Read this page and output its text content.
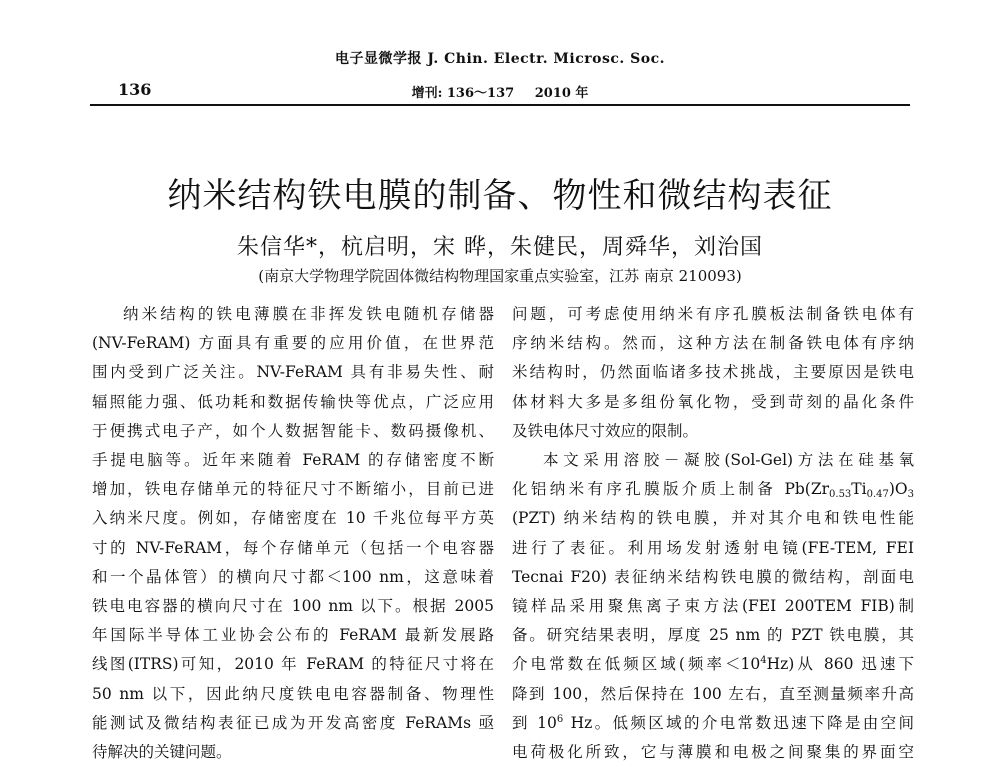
电子显微学报 J. Chin. Electr. Microsc. Soc.
136	增刊: 136～137 2010 年
纳米结构铁电膜的制备、物性和微结构表征
朱信华*，杭启明，宋 晔，朱健民，周舜华，刘治国
(南京大学物理学院固体微结构物理国家重点实验室，江苏 南京 210093)
纳米结构的铁电薄膜在非挥发铁电随机存储器
(NV-FeRAM) 方面具有重要的应用价值，在世界范
围内受到广泛关注。NV-FeRAM 具有非易失性、耐
辐照能力强、低功耗和数据传输快等优点，广泛应用
于便携式电子产，如个人数据智能卡、数码摄像机、
手提电脑等。近年来随着 FeRAM 的存储密度不断
增加，铁电存储单元的特征尺寸不断缩小，目前已进
入纳米尺度。例如，存储密度在 10 千兆位每平方英
寸的 NV-FeRAM，每个存储单元（包括一个电容器
和一个晶体管）的横向尺寸都＜100 nm，这意味着
铁电电容器的横向尺寸在 100 nm 以下。根据 2005
年国际半导体工业协会公布的 FeRAM 最新发展路
线图(ITRS)可知，2010 年 FeRAM 的特征尺寸将在
50 nm 以下，因此纳尺度铁电电容器制备、物理性
能测试及微结构表征已成为开发高密度 FeRAMs 亟
待解决的关键问题。
问题，可考虑使用纳米有序孔膜板法制备铁电体有
序纳米结构。然而，这种方法在制备铁电体有序纳
米结构时，仍然面临诸多技术挑战，主要原因是铁电
体材料大多是多组份氧化物，受到苛刻的晶化条件
及铁电体尺寸效应的限制。
本文采用溶胶－凝胶(Sol-Gel)方法在硅基氧
化铝纳米有序孔膜版介质上制备 $Pb(Zr_{0.53}Ti_{0.47})O_3$
(PZT) 纳米结构的铁电膜，并对其介电和铁电性能
进行了表征。利用场发射透射电镜(FE-TEM, FEI
Tecnai F20) 表征纳米结构铁电膜的微结构，剖面电
镜样品采用聚焦离子束方法(FEI 200TEM FIB)制
备。研究结果表明，厚度 25 nm 的 PZT 铁电膜，其
介电常数在低频区域(频率$<10^4Hz$)从 860 迅速下
降到 100，然后保持在 100 左右，直至测量频率升高
到 $10^6$ Hz。低频区域的介电常数迅速下降是由空间
电荷极化所致，它与薄膜和电极之间聚集的界面空
